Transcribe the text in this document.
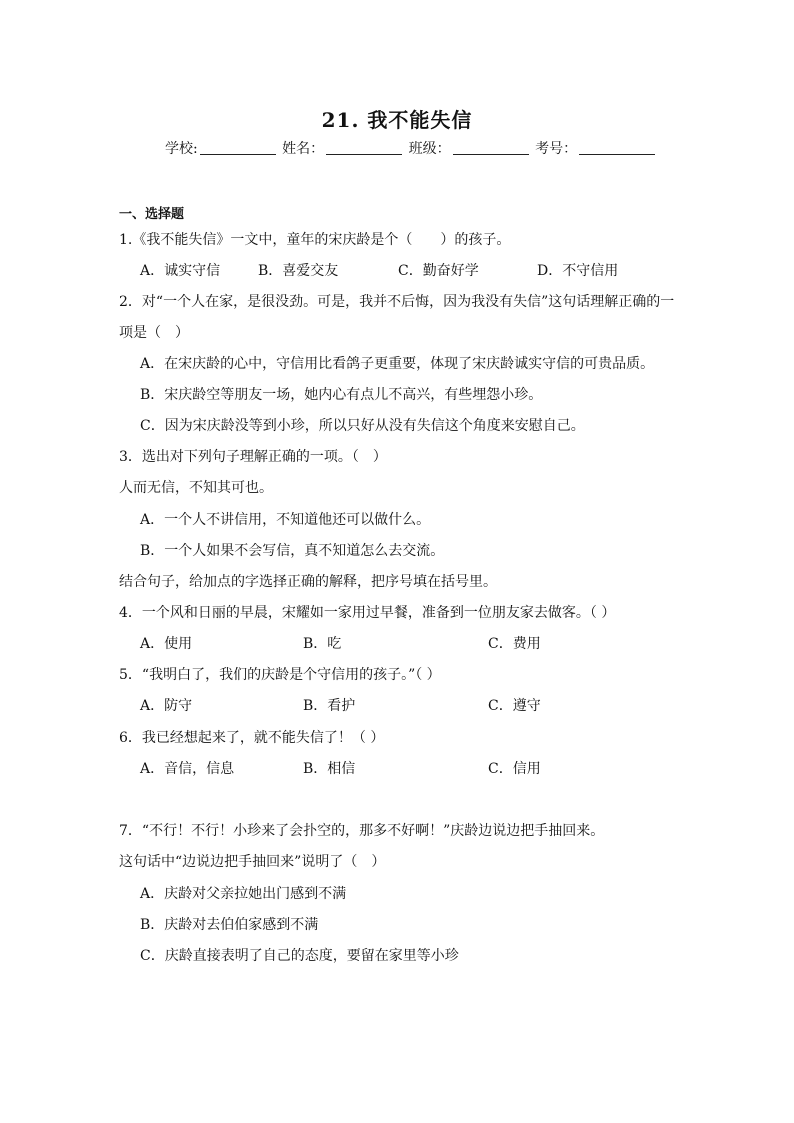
21. 我不能失信
学校:	姓名：	班级：	考号：
一、选择题
1.《我不能失信》一文中，童年的宋庆龄是个（　　）的孩子。
A．诚实守信	B．喜爱交友	C．勤奋好学	D．不守信用
2．对“一个人在家，是很没劲。可是，我并不后悔，因为我没有失信”这句话理解正确的一
项是（　）
A．在宋庆龄的心中，守信用比看鸽子更重要，体现了宋庆龄诚实守信的可贵品质。
B．宋庆龄空等朋友一场，她内心有点儿不高兴，有些埋怨小珍。
C．因为宋庆龄没等到小珍，所以只好从没有失信这个角度来安慰自己。
3．选出对下列句子理解正确的一项。（　）
人而无信，不知其可也。
A．一个人不讲信用，不知道他还可以做什么。
B．一个人如果不会写信，真不知道怎么去交流。
结合句子，给加点的字选择正确的解释，把序号填在括号里。
4．一个风和日丽的早晨，宋耀如一家用过早餐，准备到一位朋友家去做客。（ ）
A．使用	B．吃	C．费用
5．“我明白了，我们的庆龄是个守信用的孩子。”（ ）
A．防守	B．看护	C．遵守
6．我已经想起来了，就不能失信了！（ ）
A．音信，信息	B．相信	C．信用
7．“不行！不行！小珍来了会扑空的，那多不好啊！”庆龄边说边把手抽回来。
这句话中“边说边把手抽回来”说明了（　）
A．庆龄对父亲拉她出门感到不满
B．庆龄对去伯伯家感到不满
C．庆龄直接表明了自己的态度，要留在家里等小珍
